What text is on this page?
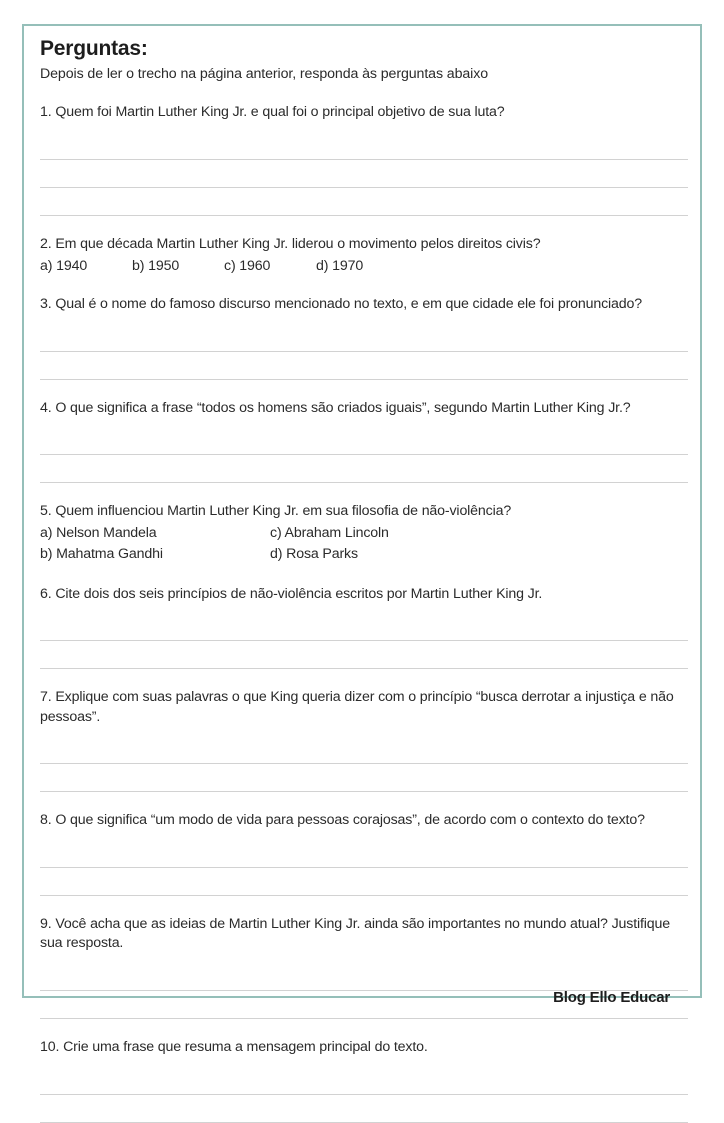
Perguntas:

Depois de ler o trecho na página anterior, responda às perguntas abaixo

1. Quem foi Martin Luther King Jr. e qual foi o principal objetivo de sua luta?

2. Em que década Martin Luther King Jr. liderou o movimento pelos direitos civis?

a) 1940	b) 1950	c) 1960	d) 1970

3. Qual é o nome do famoso discurso mencionado no texto, e em que cidade ele foi pronunciado?

4. O que significa a frase “todos os homens são criados iguais”, segundo Martin Luther King Jr.?

5. Quem influenciou Martin Luther King Jr. em sua filosofia de não-violência?

a) Nelson Mandela	c) Abraham Lincoln
b) Mahatma Gandhi	d) Rosa Parks

6. Cite dois dos seis princípios de não-violência escritos por Martin Luther King Jr.

7. Explique com suas palavras o que King queria dizer com o princípio “busca derrotar a injustiça e não pessoas”.

8. O que significa “um modo de vida para pessoas corajosas”, de acordo com o contexto do texto?

9. Você acha que as ideias de Martin Luther King Jr. ainda são importantes no mundo atual? Justifique sua resposta.

10. Crie uma frase que resuma a mensagem principal do texto.

Blog Ello Educar
